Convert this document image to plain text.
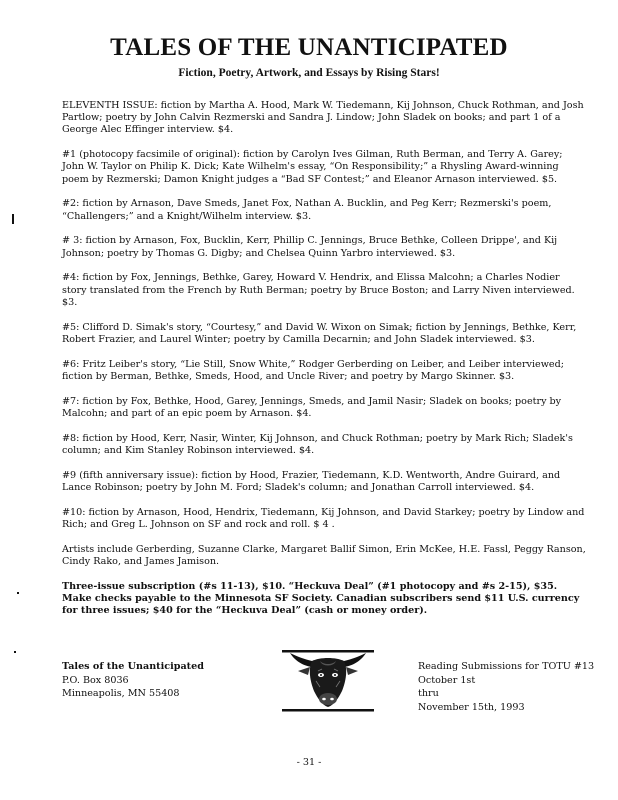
TALES OF THE UNANTICIPATED
Fiction, Poetry, Artwork, and Essays by Rising Stars!

ELEVENTH ISSUE: fiction by Martha A. Hood, Mark W. Tiedemann, Kij Johnson, Chuck Rothman, and Josh Partlow; poetry by John Calvin Rezmerski and Sandra J. Lindow; John Sladek on books; and part 1 of a George Alec Effinger interview. $4.

#1 (photocopy facsimile of original): fiction by Carolyn Ives Gilman, Ruth Berman, and Terry A. Garey; John W. Taylor on Philip K. Dick; Kate Wilhelm's essay, “On Responsibility;” a Rhysling Award-winning poem by Rezmerski; Damon Knight judges a “Bad SF Contest;” and Eleanor Arnason interviewed. $5.

#2: fiction by Arnason, Dave Smeds, Janet Fox, Nathan A. Bucklin, and Peg Kerr; Rezmerski's poem, “Challengers;” and a Knight/Wilhelm interview. $3.

# 3: fiction by Arnason, Fox, Bucklin, Kerr, Phillip C. Jennings, Bruce Bethke, Colleen Drippe', and Kij Johnson; poetry by Thomas G. Digby; and Chelsea Quinn Yarbro interviewed. $3.

#4: fiction by Fox, Jennings, Bethke, Garey, Howard V. Hendrix, and Elissa Malcohn; a Charles Nodier story translated from the French by Ruth Berman; poetry by Bruce Boston; and Larry Niven interviewed. $3.

#5: Clifford D. Simak's story, “Courtesy,” and David W. Wixon on Simak; fiction by Jennings, Bethke, Kerr, Robert Frazier, and Laurel Winter; poetry by Camilla Decarnin; and John Sladek interviewed. $3.

#6: Fritz Leiber's story, “Lie Still, Snow White,” Rodger Gerberding on Leiber, and Leiber interviewed; fiction by Berman, Bethke, Smeds, Hood, and Uncle River; and poetry by Margo Skinner. $3.

#7: fiction by Fox, Bethke, Hood, Garey, Jennings, Smeds, and Jamil Nasir; Sladek on books; poetry by Malcohn; and part of an epic poem by Arnason. $4.

#8: fiction by Hood, Kerr, Nasir, Winter, Kij Johnson, and Chuck Rothman; poetry by Mark Rich; Sladek's column; and Kim Stanley Robinson interviewed. $4.

#9 (fifth anniversary issue): fiction by Hood, Frazier, Tiedemann, K.D. Wentworth, Andre Guirard, and Lance Robinson; poetry by John M. Ford; Sladek's column; and Jonathan Carroll interviewed. $4.

#10: fiction by Arnason, Hood, Hendrix, Tiedemann, Kij Johnson, and David Starkey; poetry by Lindow and Rich; and Greg L. Johnson on SF and rock and roll. $ 4 .

Artists include Gerberding, Suzanne Clarke, Margaret Ballif Simon, Erin McKee, H.E. Fassl, Peggy Ranson, Cindy Rako, and James Jamison.

Three-issue subscription (#s 11-13), $10. “Heckuva Deal” (#1 photocopy and #s 2-15), $35. Make checks payable to the Minnesota SF Society. Canadian subscribers send $11 U.S. currency for three issues; $40 for the “Heckuva Deal” (cash or money order).

Tales of the Unanticipated
P.O. Box 8036
Minneapolis, MN 55408
Reading Submissions for TOTU #13
October 1st
thru
November 15th, 1993
- 31 -
